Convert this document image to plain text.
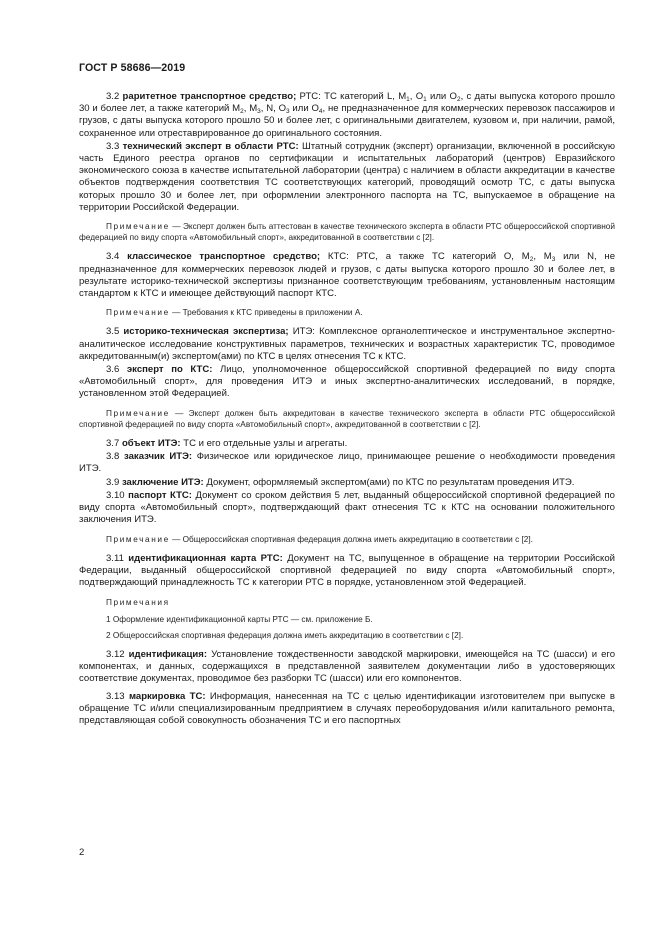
ГОСТ Р 58686—2019

3.2 раритетное транспортное средство; РТС: ТС категорий L, $M_1$, $O_1$ или $O_2$, с даты выпуска которого прошло 30 и более лет, а также категорий $M_2$, $M_3$, N, $O_3$ или $O_4$, не предназначенное для коммерческих перевозок пассажиров и грузов, с даты выпуска которого прошло 50 и более лет, с оригинальными двигателем, кузовом и, при наличии, рамой, сохраненное или отреставрированное до оригинального состояния.

3.3 технический эксперт в области РТС: Штатный сотрудник (эксперт) организации, включенной в российскую часть Единого реестра органов по сертификации и испытательных лабораторий (центров) Евразийского экономического союза в качестве испытательной лаборатории (центра) с наличием в области аккредитации в качестве объектов подтверждения соответствия ТС соответствующих категорий, проводящий осмотр ТС, с даты выпуска которых прошло 30 и более лет, при оформлении электронного паспорта на ТС, выпускаемое в обращение на территории Российской Федерации.

Примечание — Эксперт должен быть аттестован в качестве технического эксперта в области РТС общероссийской спортивной федерацией по виду спорта «Автомобильный спорт», аккредитованной в соответствии с [2].

3.4 классическое транспортное средство; КТС: РТС, а также ТС категорий O, $M_2$, $M_3$ или N, не предназначенное для коммерческих перевозок людей и грузов, с даты выпуска которого прошло 30 и более лет, в результате историко-технической экспертизы признанное соответствующим требованиям, установленным настоящим стандартом к КТС и имеющее действующий паспорт КТС.

Примечание — Требования к КТС приведены в приложении А.

3.5 историко-техническая экспертиза; ИТЭ: Комплексное органолептическое и инструментальное экспертно-аналитическое исследование конструктивных параметров, технических и возрастных характеристик ТС, проводимое аккредитованным(и) экспертом(ами) по КТС в целях отнесения ТС к КТС.

3.6 эксперт по КТС: Лицо, уполномоченное общероссийской спортивной федерацией по виду спорта «Автомобильный спорт», для проведения ИТЭ и иных экспертно-аналитических исследований, в порядке, установленном этой Федерацией.

Примечание — Эксперт должен быть аккредитован в качестве технического эксперта в области РТС общероссийской спортивной федерацией по виду спорта «Автомобильный спорт», аккредитованной в соответствии с [2].

3.7 объект ИТЭ: ТС и его отдельные узлы и агрегаты.

3.8 заказчик ИТЭ: Физическое или юридическое лицо, принимающее решение о необходимости проведения ИТЭ.

3.9 заключение ИТЭ: Документ, оформляемый экспертом(ами) по КТС по результатам проведения ИТЭ.

3.10 паспорт КТС: Документ со сроком действия 5 лет, выданный общероссийской спортивной федерацией по виду спорта «Автомобильный спорт», подтверждающий факт отнесения ТС к КТС на основании положительного заключения ИТЭ.

Примечание — Общероссийская спортивная федерация должна иметь аккредитацию в соответствии с [2].

3.11 идентификационная карта РТС: Документ на ТС, выпущенное в обращение на территории Российской Федерации, выданный общероссийской спортивной федерацией по виду спорта «Автомобильный спорт», подтверждающий принадлежность ТС к категории РТС в порядке, установленном этой Федерацией.

Примечания

1 Оформление идентификационной карты РТС — см. приложение Б.

2 Общероссийская спортивная федерация должна иметь аккредитацию в соответствии с [2].

3.12 идентификация: Установление тождественности заводской маркировки, имеющейся на ТС (шасси) и его компонентах, и данных, содержащихся в представленной заявителем документации либо в удостоверяющих соответствие документах, проводимое без разборки ТС (шасси) или его компонентов.

3.13 маркировка ТС: Информация, нанесенная на ТС с целью идентификации изготовителем при выпуске в обращение ТС и/или специализированным предприятием в случаях переоборудования и/или капитального ремонта, представляющая собой совокупность обозначения ТС и его паспортных

2
